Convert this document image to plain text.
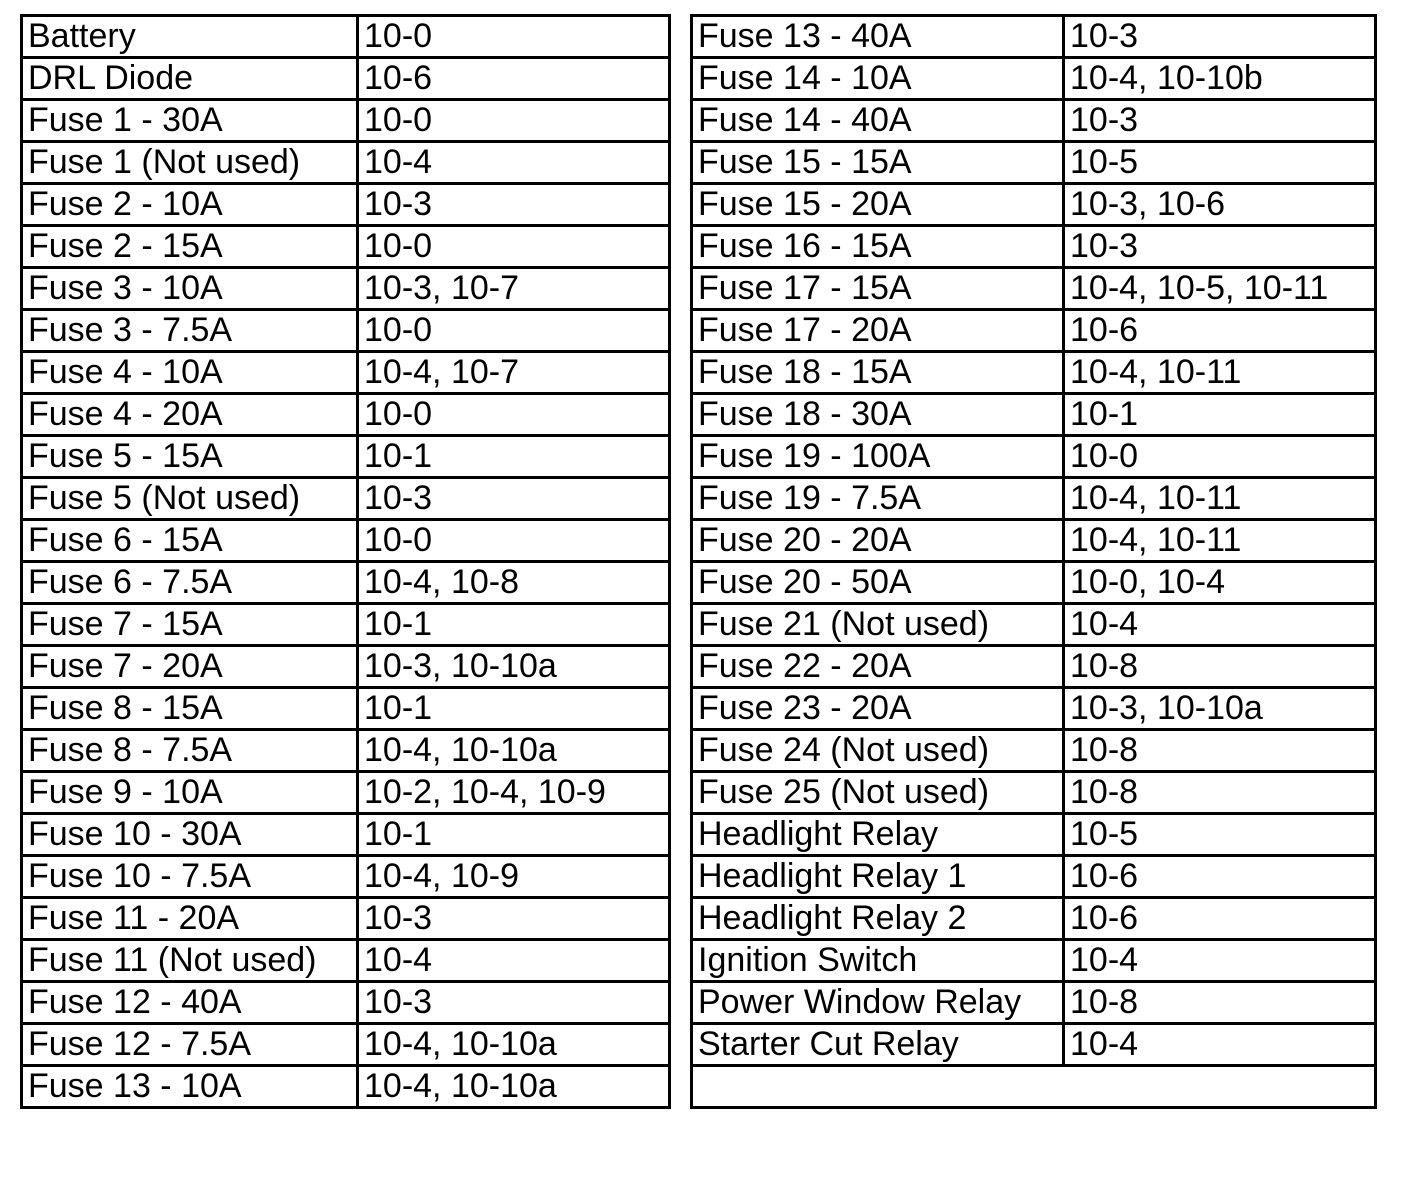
Battery	10-0
DRL Diode	10-6
Fuse 1 - 30A	10-0
Fuse 1 (Not used)	10-4
Fuse 2 - 10A	10-3
Fuse 2 - 15A	10-0
Fuse 3 - 10A	10-3, 10-7
Fuse 3 - 7.5A	10-0
Fuse 4 - 10A	10-4, 10-7
Fuse 4 - 20A	10-0
Fuse 5 - 15A	10-1
Fuse 5 (Not used)	10-3
Fuse 6 - 15A	10-0
Fuse 6 - 7.5A	10-4, 10-8
Fuse 7 - 15A	10-1
Fuse 7 - 20A	10-3, 10-10a
Fuse 8 - 15A	10-1
Fuse 8 - 7.5A	10-4, 10-10a
Fuse 9 - 10A	10-2, 10-4, 10-9
Fuse 10 - 30A	10-1
Fuse 10 - 7.5A	10-4, 10-9
Fuse 11 - 20A	10-3
Fuse 11 (Not used)	10-4
Fuse 12 - 40A	10-3
Fuse 12 - 7.5A	10-4, 10-10a
Fuse 13 - 10A	10-4, 10-10a
Fuse 13 - 40A	10-3
Fuse 14 - 10A	10-4, 10-10b
Fuse 14 - 40A	10-3
Fuse 15 - 15A	10-5
Fuse 15 - 20A	10-3, 10-6
Fuse 16 - 15A	10-3
Fuse 17 - 15A	10-4, 10-5, 10-11
Fuse 17 - 20A	10-6
Fuse 18 - 15A	10-4, 10-11
Fuse 18 - 30A	10-1
Fuse 19 - 100A	10-0
Fuse 19 - 7.5A	10-4, 10-11
Fuse 20 - 20A	10-4, 10-11
Fuse 20 - 50A	10-0, 10-4
Fuse 21 (Not used)	10-4
Fuse 22 - 20A	10-8
Fuse 23 - 20A	10-3, 10-10a
Fuse 24 (Not used)	10-8
Fuse 25 (Not used)	10-8
Headlight Relay	10-5
Headlight Relay 1	10-6
Headlight Relay 2	10-6
Ignition Switch	10-4
Power Window Relay	10-8
Starter Cut Relay	10-4
